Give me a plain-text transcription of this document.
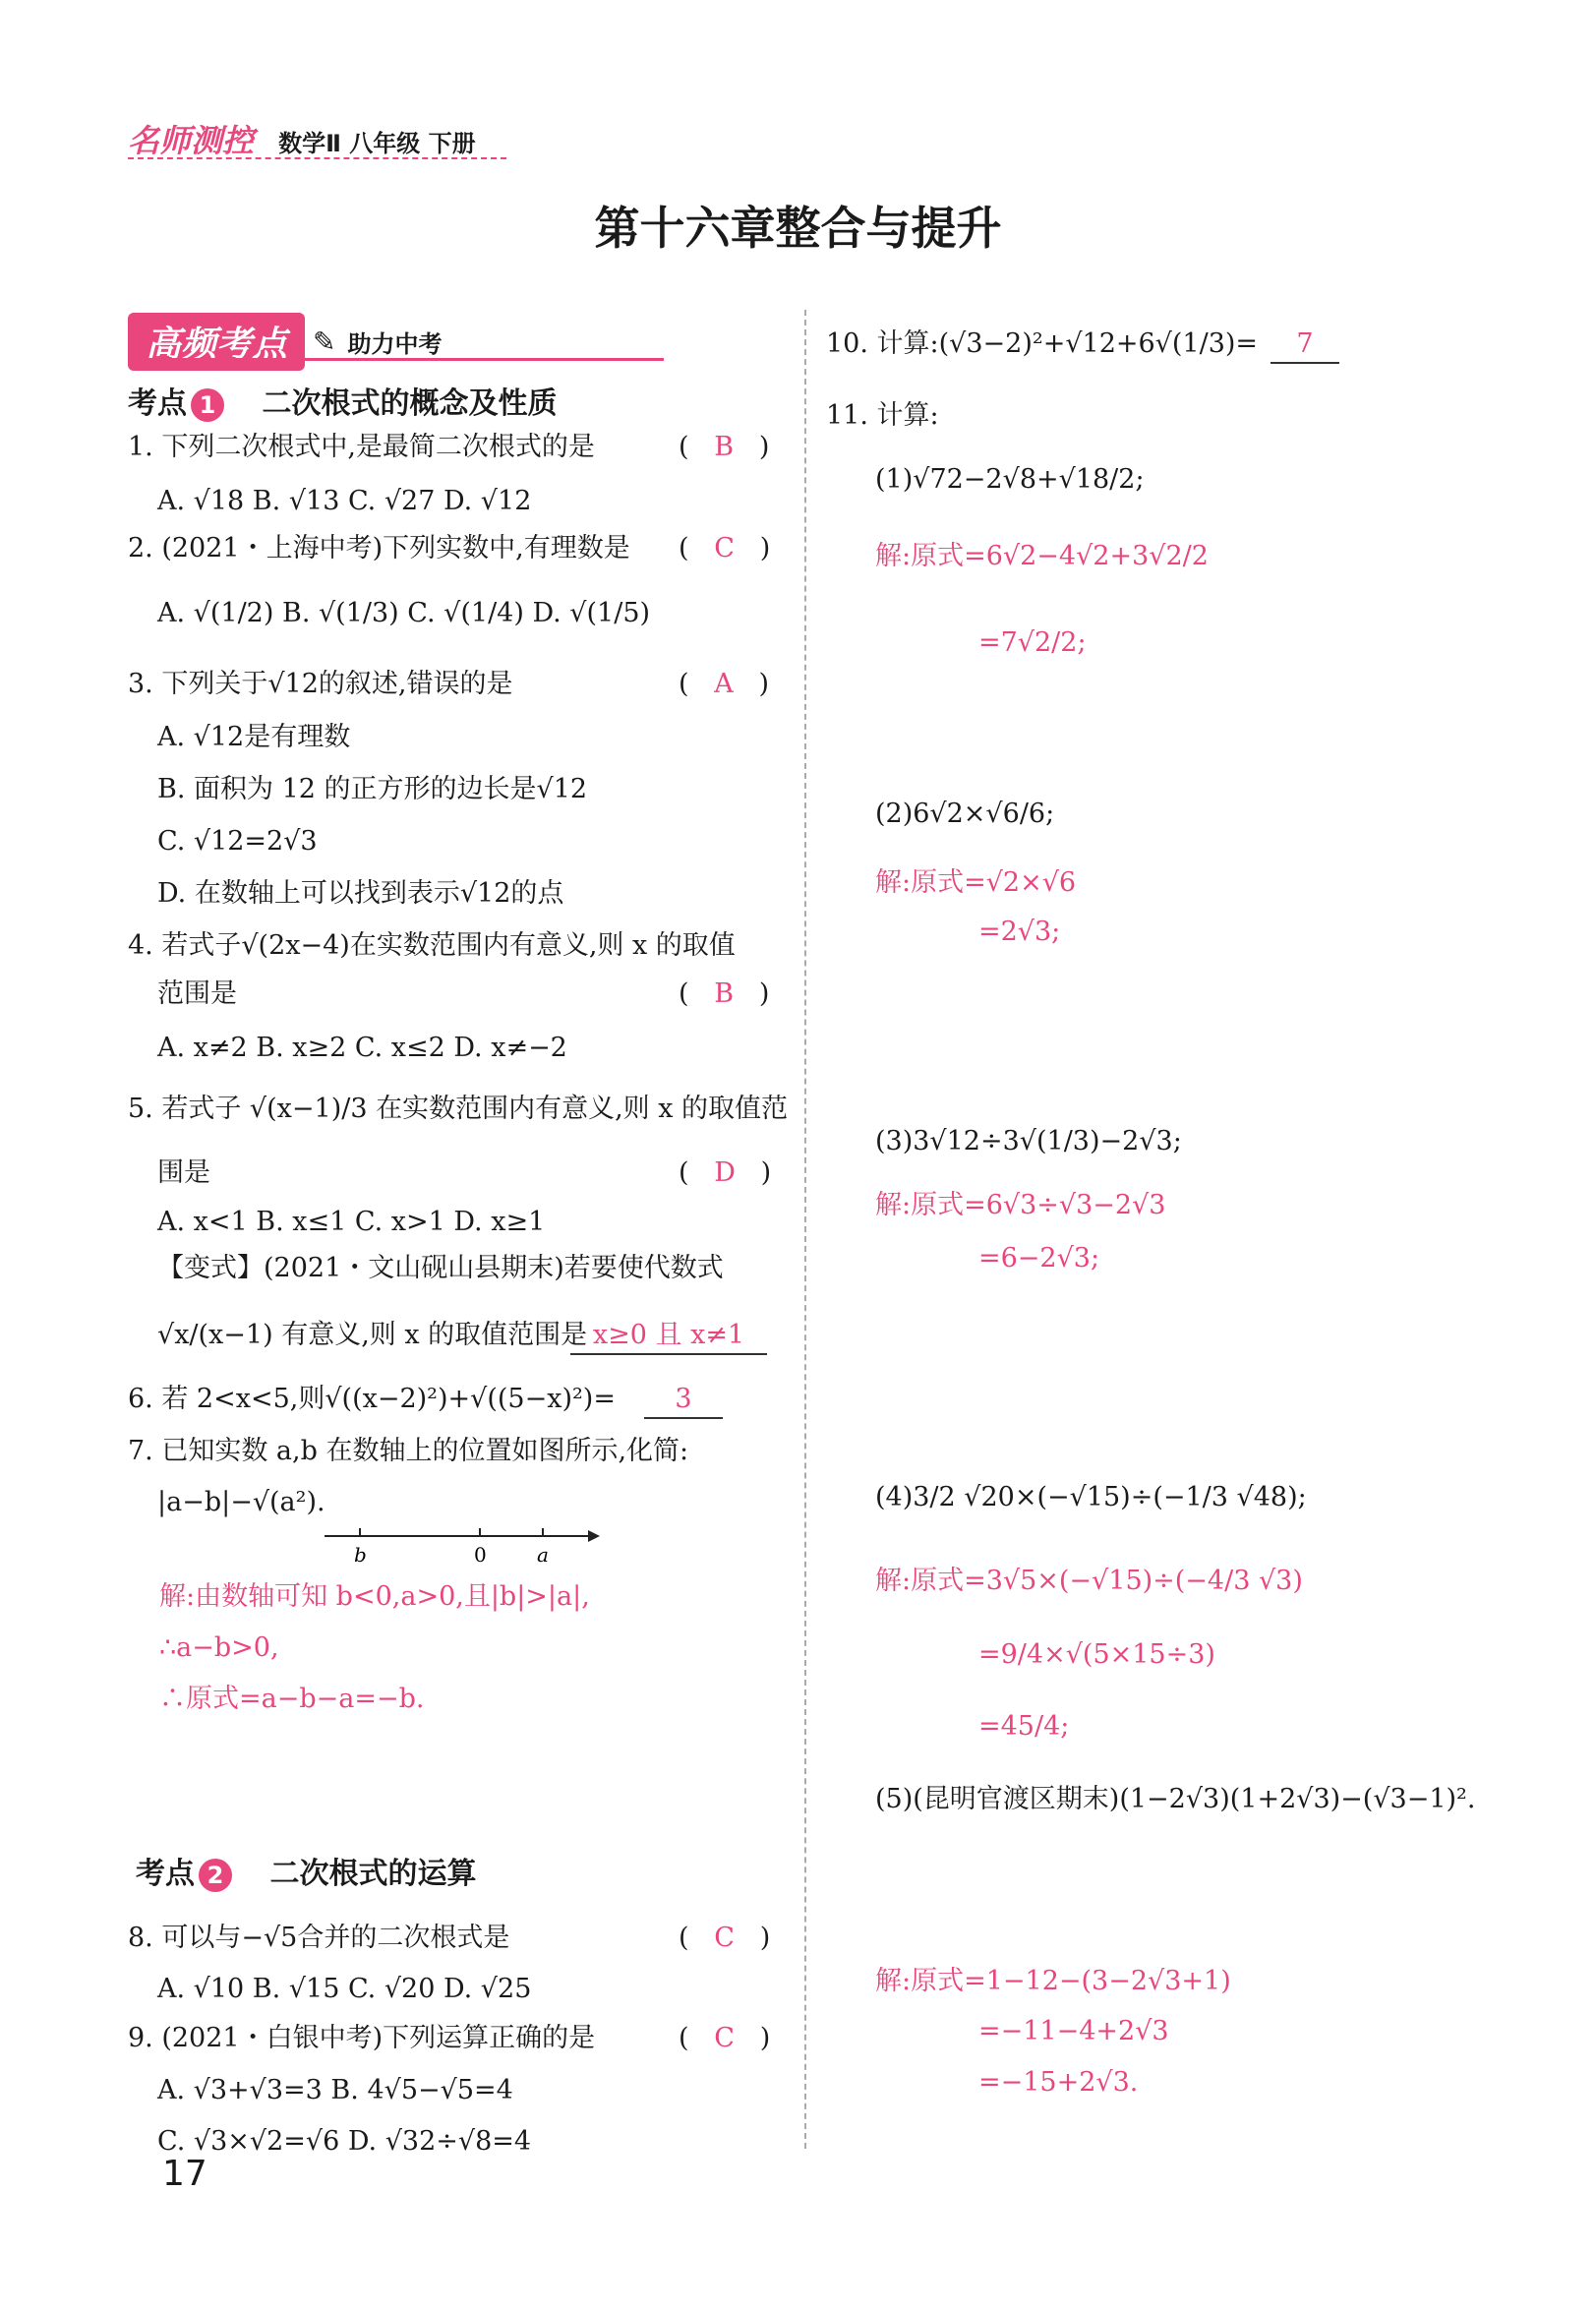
名师测控 数学Ⅱ 八年级 下册
第十六章整合与提升
高频考点 ✎ 助力中考
考点 1 二次根式的概念及性质
考点 2 二次根式的运算
1. 下列二次根式中,是最简二次根式的是	(   B   )
A. √18 B. √13 C. √27 D. √12
2. (2021・上海中考)下列实数中,有理数是 (   C   )
A. √(1/2) B. √(1/3) C. √(1/4) D. √(1/5)
3. 下列关于√12的叙述,错误的是	(   A   )
A. √12是有理数
B. 面积为 12 的正方形的边长是√12
C. √12=2√3
D. 在数轴上可以找到表示√12的点
4. 若式子√(2x−4)在实数范围内有意义,则 x 的取值
范围是	(   B   )
A. x≠2 B. x≥2 C. x≤2 D. x≠−2
5. 若式子 √(x−1)/3 在实数范围内有意义,则 x 的取值范
围是	(   D   )
A. x<1 B. x≤1 C. x>1 D. x≥1
【变式】(2021・文山砚山县期末)若要使代数式
√x/(x−1) 有意义,则 x 的取值范围是
6. 若 2<x<5,则√((x−2)²)+√((5−x)²)=
7. 已知实数 a,b 在数轴上的位置如图所示,化简:
|a−b|−√(a²).
8. 可以与−√5合并的二次根式是	(   C   )
A. √10 B. √15 C. √20 D. √25
9. (2021・白银中考)下列运算正确的是	(   C   )
A. √3+√3=3 B. 4√5−√5=4
C. √3×√2=√6 D. √32÷√8=4
x≥0 且 x≠1
3
b	0	a
解:由数轴可知 b<0,a>0,且|b|>|a|,
∴a−b>0,
∴原式=a−b−a=−b.
10. 计算:(√3−2)²+√12+6√(1/3)=
11. 计算:
(1)√72−2√8+√18/2;
(5)(昆明官渡区期末)(1−2√3)(1+2√3)−(√3−1)².
(2)6√2×√6/6;
(3)3√12÷3√(1/3)−2√3;
(4)3/2 √20×(−√15)÷(−1/3 √48);
7
解:原式=6√2−4√2+3√2/2
=7√2/2;
解:原式=√2×√6
=2√3;
解:原式=6√3÷√3−2√3
=6−2√3;
解:原式=3√5×(−√15)÷(−4/3 √3)
=9/4×√(5×15÷3)
=45/4;
解:原式=1−12−(3−2√3+1)
=−11−4+2√3
=−15+2√3.
17
